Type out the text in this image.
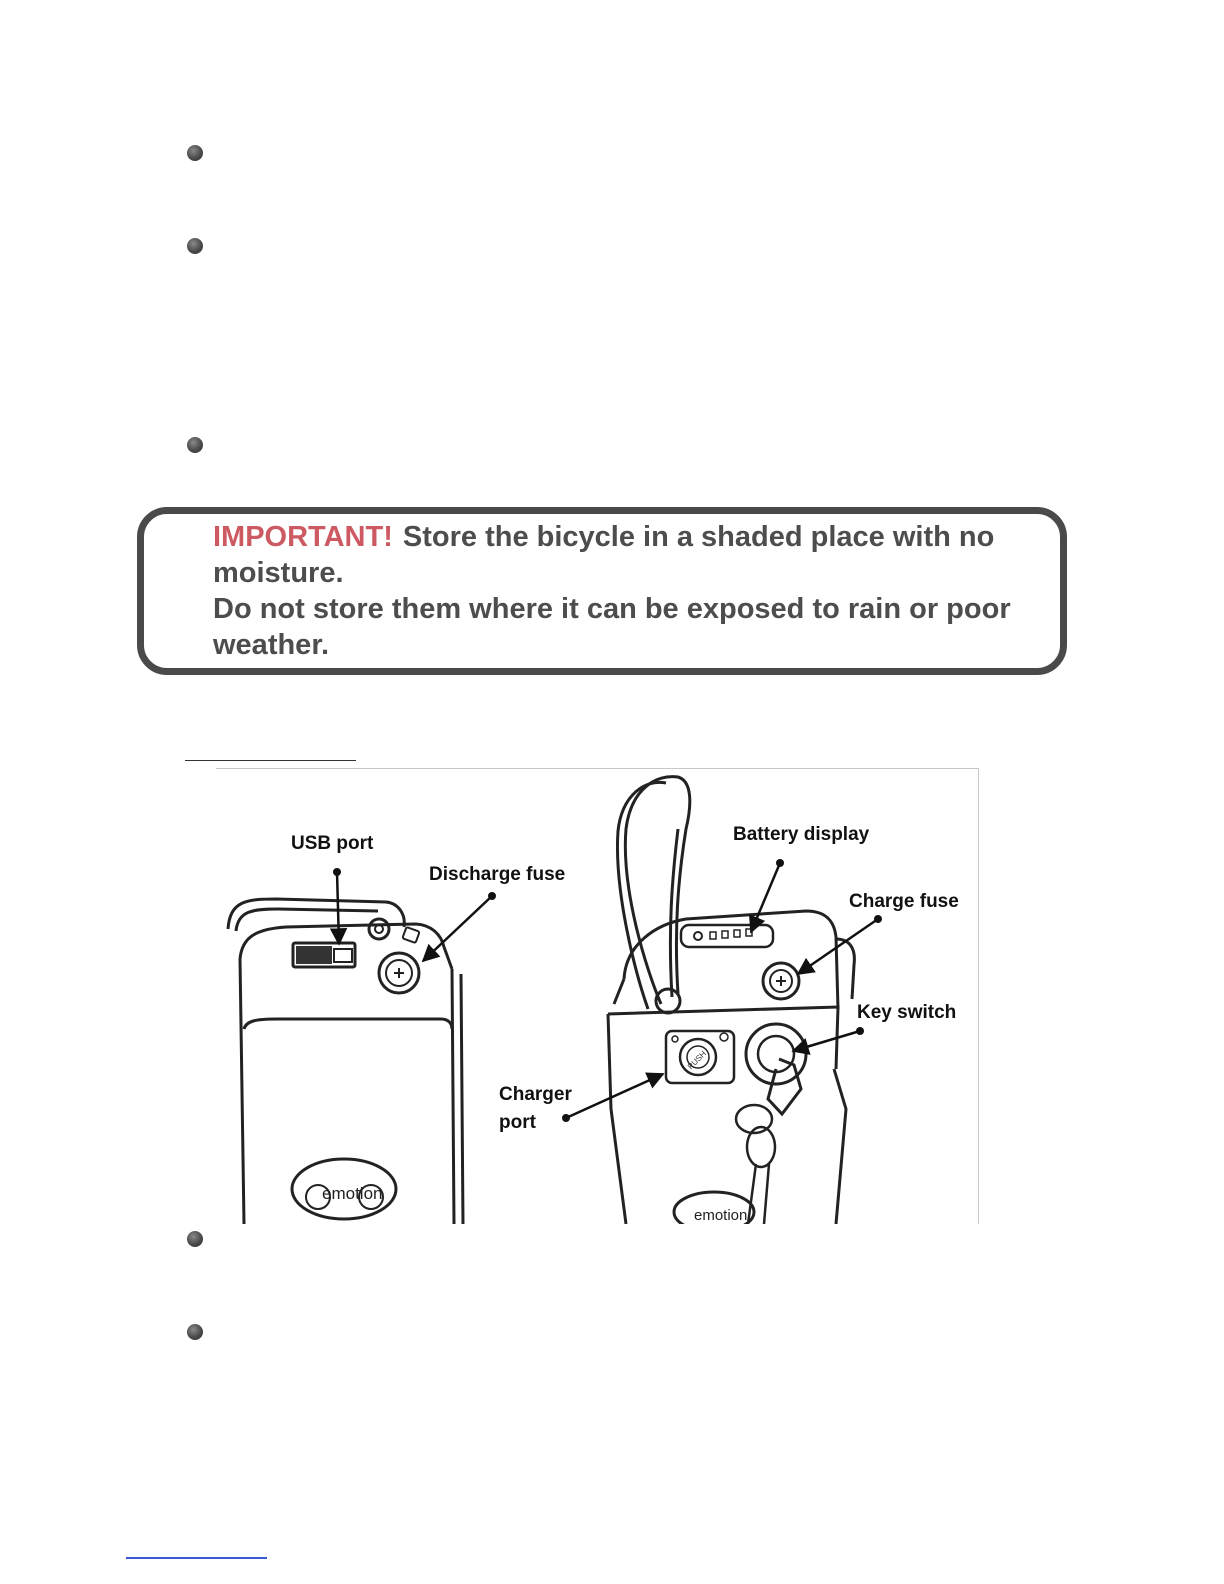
IMPORTANT! Store the bicycle in a shaded place with no moisture.

Do not store them where it can be exposed to rain or poor weather.

emotion
USB port
Discharge fuse
emotion
PUSH
Battery display
Charge fuse
Key switch
Charger
port
